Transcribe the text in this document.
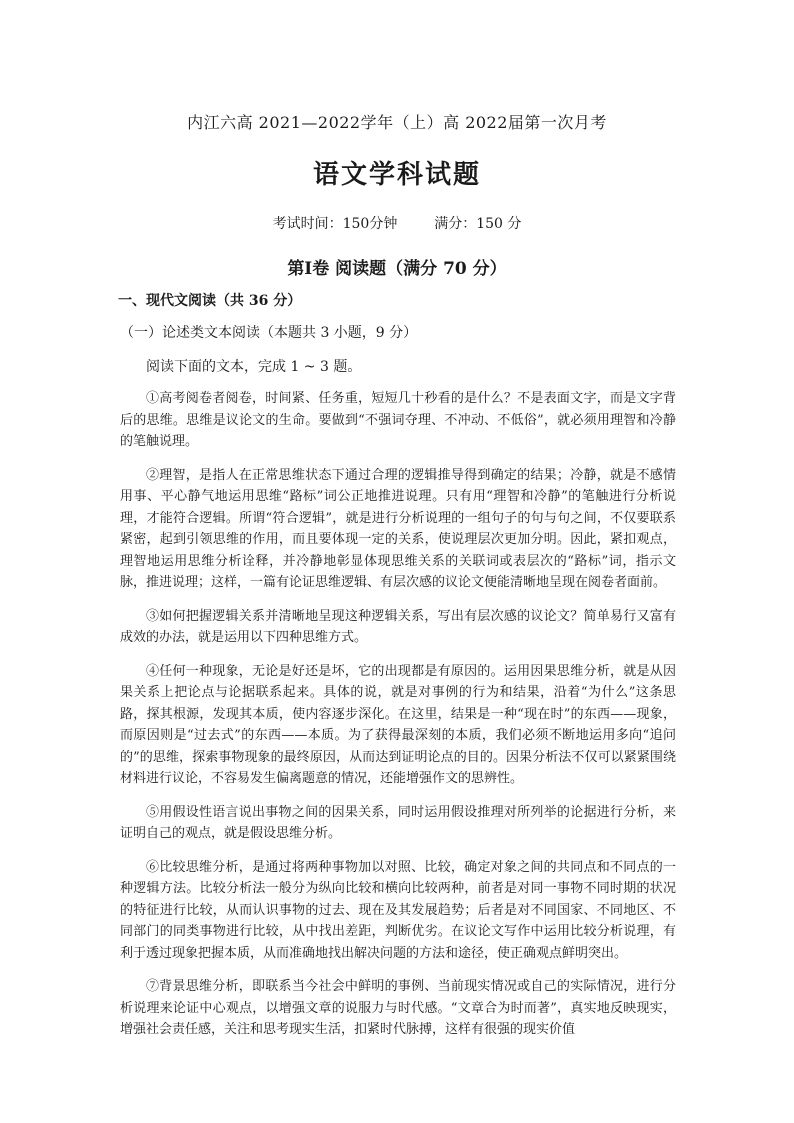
内江六高 2021—2022学年（上）高 2022届第一次月考
语文学科试题
考试时间：150分钟	满分：150 分
第Ⅰ卷 阅读题（满分 70 分）
一、现代文阅读（共 36 分）
（一）论述类文本阅读（本题共 3 小题，9 分）
阅读下面的文本，完成 1 ~ 3 题。

①高考阅卷者阅卷，时间紧、任务重，短短几十秒看的是什么？不是表面文字，而是文字背后的思维。思维是议论文的生命。要做到“不强词夺理、不冲动、不低俗”，就必须用理智和冷静的笔触说理。

②理智，是指人在正常思维状态下通过合理的逻辑推导得到确定的结果；冷静，就是不感情用事、平心静气地运用思维“路标”词公正地推进说理。只有用“理智和冷静”的笔触进行分析说理，才能符合逻辑。所谓“符合逻辑”，就是进行分析说理的一组句子的句与句之间，不仅要联系紧密，起到引领思维的作用，而且要体现一定的关系，使说理层次更加分明。因此，紧扣观点，理智地运用思维分析诠释，并冷静地彰显体现思维关系的关联词或表层次的“路标”词，指示文脉，推进说理；这样，一篇有论证思维逻辑、有层次感的议论文便能清晰地呈现在阅卷者面前。

③如何把握逻辑关系并清晰地呈现这种逻辑关系，写出有层次感的议论文？简单易行又富有成效的办法，就是运用以下四种思维方式。

④任何一种现象，无论是好还是坏，它的出现都是有原因的。运用因果思维分析，就是从因果关系上把论点与论据联系起来。具体的说，就是对事例的行为和结果，沿着“为什么”这条思路，探其根源，发现其本质，使内容逐步深化。在这里，结果是一种“现在时”的东西——现象，而原因则是“过去式”的东西——本质。为了获得最深刻的本质，我们必须不断地运用多向“追问的”的思维，探索事物现象的最终原因，从而达到证明论点的目的。因果分析法不仅可以紧紧围绕材料进行议论，不容易发生偏离题意的情况，还能增强作文的思辨性。

⑤用假设性语言说出事物之间的因果关系，同时运用假设推理对所列举的论据进行分析，来证明自己的观点，就是假设思维分析。

⑥比较思维分析，是通过将两种事物加以对照、比较，确定对象之间的共同点和不同点的一种逻辑方法。比较分析法一般分为纵向比较和横向比较两种，前者是对同一事物不同时期的状况的特征进行比较，从而认识事物的过去、现在及其发展趋势；后者是对不同国家、不同地区、不同部门的同类事物进行比较，从中找出差距，判断优劣。在议论文写作中运用比较分析说理，有利于透过现象把握本质，从而准确地找出解决问题的方法和途径，使正确观点鲜明突出。

⑦背景思维分析，即联系当今社会中鲜明的事例、当前现实情况或自己的实际情况，进行分析说理来论证中心观点，以增强文章的说服力与时代感。“文章合为时而著”，真实地反映现实，增强社会责任感，关注和思考现实生活，扣紧时代脉搏，这样有很强的现实价值
